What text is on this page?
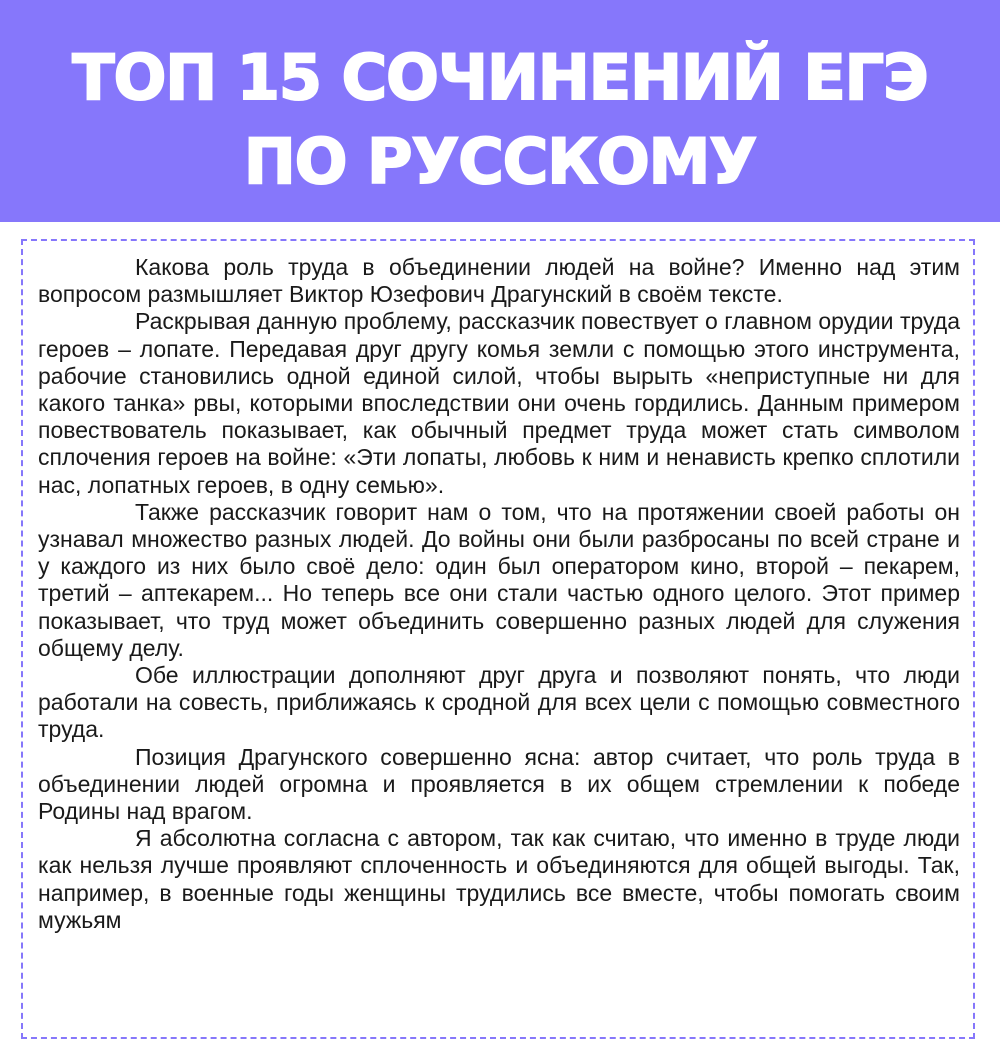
ТОП 15 СОЧИНЕНИЙ ЕГЭ
ПО РУССКОМУ

Какова роль труда в объединении людей на войне? Именно над этим вопросом размышляет Виктор Юзефович Драгунский в своём тексте.

Раскрывая данную проблему, рассказчик повествует о главном орудии труда героев – лопате. Передавая друг другу комья земли с помощью этого инструмента, рабочие становились одной единой силой, чтобы вырыть «неприступные ни для какого танка» рвы, которыми впоследствии они очень гордились. Данным примером повествователь показывает, как обычный предмет труда может стать символом сплочения героев на войне: «Эти лопаты, любовь к ним и ненависть крепко сплотили нас, лопатных героев, в одну семью».

Также рассказчик говорит нам о том, что на протяжении своей работы он узнавал множество разных людей. До войны они были разбросаны по всей стране и у каждого из них было своё дело: один был оператором кино, второй – пекарем, третий – аптекарем... Но теперь все они стали частью одного целого. Этот пример показывает, что труд может объединить совершенно разных людей для служения общему делу.

Обе иллюстрации дополняют друг друга и позволяют понять, что люди работали на совесть, приближаясь к сродной для всех цели с помощью совместного труда.

Позиция Драгунского совершенно ясна: автор считает, что роль труда в объединении людей огромна и проявляется в их общем стремлении к победе Родины над врагом.

Я абсолютна согласна с автором, так как считаю, что именно в труде люди как нельзя лучше проявляют сплоченность и объединяются для общей выгоды. Так, например, в военные годы женщины трудились все вместе, чтобы помогать своим мужьям
